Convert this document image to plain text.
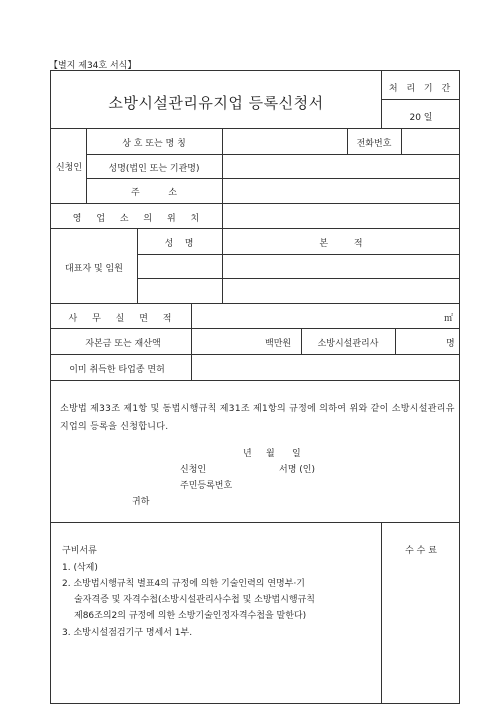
【별지 제34호 서식】
소방시설관리유지업 등록신청서
처 리 기 간
20 일
신청인
상 호 또는 명 칭	전화번호
성명(법인 또는 기관명)
주          소
영 업 소 의 위 치
대표자 및 임원
성    명	본         적
사 무 실 면 적	㎡
자본금 또는 재산액	백만원	소방시설관리사	명
이미 취득한 타업종 면허
구비서류
1. (삭제)
2. 소방법시행규칙 별표4의 규정에 의한 기술인력의 연명부·기
술자격증 및 자격수첩(소방시설관리사수첩 및 소방법시행규칙
제86조의2의 규정에 의한 소방기술인정자격수첩을 말한다)
3. 소방시설점검기구 명세서 1부.
수 수 료
소방법 제33조 제1항 및 동법시행규칙 제31조 제1항의 규정에 의하여 위와 같이 소방시설관리유지업의 등록을 신청합니다.
년 월 일
신청인	서명 (인)
주민등록번호
귀하
